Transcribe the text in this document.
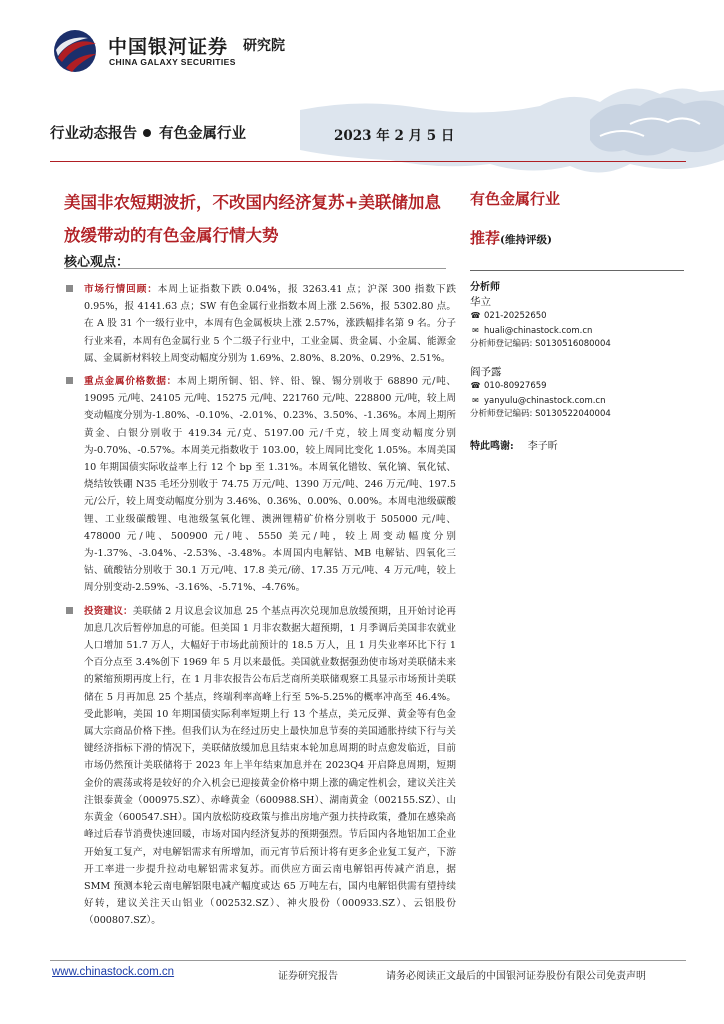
中国银河证券
CHINA GALAXY SECURITIES
研究院
行业动态报告 有色金属行业	2023 年 2 月 5 日
美国非农短期波折，不改国内经济复苏+美联储加息放缓带动的有色金属行情大势
核心观点：
有色金属行业
推荐(维持评级)
分析师
华立
☎ 021-20252650
✉ huali@chinastock.com.cn
分析师登记编码: S0130516080004
阎予露
☎ 010-80927659
✉ yanyulu@chinastock.com.cn
分析师登记编码: S0130522040004
特此鸣谢: 李子昕
市场行情回顾：本周上证指数下跌 0.04%，报 3263.41 点；沪深 300 指数下跌 0.95%，报 4141.63 点；SW 有色金属行业指数本周上涨 2.56%，报 5302.80 点。在 A 股 31 个一级行业中，本周有色金属板块上涨 2.57%，涨跌幅排名第 9 名。分子行业来看，本周有色金属行业 5 个二级子行业中，工业金属、贵金属、小金属、能源金属、金属新材料较上周变动幅度分别为 1.69%、2.80%、8.20%、0.29%、2.51%。
重点金属价格数据：本周上期所铜、铝、锌、铅、镍、锡分别收于 68890 元/吨、19095 元/吨、24105 元/吨、15275 元/吨、221760 元/吨、228800 元/吨，较上周变动幅度分别为-1.80%、-0.10%、-2.01%、0.23%、3.50%、-1.36%。本周上期所黄金、白银分别收于 419.34 元/克、5197.00 元/千克，较上周变动幅度分别为-0.70%、-0.57%。本周美元指数收于 103.00，较上周同比变化 1.05%。本周美国 10 年期国债实际收益率上行 12 个 bp 至 1.31%。本周氧化镨钕、氧化镝、氧化铽、烧结钕铁硼 N35 毛坯分别收于 74.75 万元/吨、1390 万元/吨、246 万元/吨、197.5 元/公斤，较上周变动幅度分别为 3.46%、0.36%、0.00%、0.00%。本周电池级碳酸锂、工业级碳酸锂、电池级氢氧化锂、澳洲锂精矿价格分别收于 505000 元/吨、478000 元/吨、500900 元/吨、5550 美元/吨，较上周变动幅度分别为-1.37%、-3.04%、-2.53%、-3.48%。本周国内电解钴、MB 电解钴、四氧化三钴、硫酸钴分别收于 30.1 万元/吨、17.8 美元/磅、17.35 万元/吨、4 万元/吨，较上周分别变动-2.59%、-3.16%、-5.71%、-4.76%。
投资建议：美联储 2 月议息会议加息 25 个基点再次兑现加息放缓预期，且开始讨论再加息几次后暂停加息的可能。但美国 1 月非农数据大超预期，1 月季调后美国非农就业人口增加 51.7 万人，大幅好于市场此前预计的 18.5 万人，且 1 月失业率环比下行 1 个百分点至 3.4%创下 1969 年 5 月以来最低。美国就业数据强劲使市场对美联储未来的紧缩预期再度上行，在 1 月非农报告公布后芝商所美联储观察工具显示市场预计美联储在 5 月再加息 25 个基点，终端利率高峰上行至 5%-5.25%的概率冲高至 46.4%。受此影响，美国 10 年期国债实际利率短期上行 13 个基点，美元反弹、黄金等有色金属大宗商品价格下挫。但我们认为在经过历史上最快加息节奏的美国通胀持续下行与关键经济指标下滑的情况下，美联储放缓加息且结束本轮加息周期的时点愈发临近，目前市场仍然预计美联储将于 2023 年上半年结束加息并在 2023Q4 开启降息周期，短期金价的震荡或将是较好的介入机会已迎接黄金价格中期上涨的确定性机会，建议关注关注银泰黄金（000975.SZ）、赤峰黄金（600988.SH）、湖南黄金（002155.SZ）、山东黄金（600547.SH）。国内放松防疫政策与推出房地产强力扶持政策，叠加在感染高峰过后春节消费快速回暖，市场对国内经济复苏的预期强烈。节后国内各地铝加工企业开始复工复产，对电解铝需求有所增加，而元宵节后预计将有更多企业复工复产，下游开工率进一步提升拉动电解铝需求复苏。而供应方面云南电解铝再传减产消息，据 SMM 预测本轮云南电解铝限电减产幅度或达 65 万吨左右，国内电解铝供需有望持续好转，建议关注天山铝业（002532.SZ）、神火股份（000933.SZ）、云铝股份（000807.SZ）。
www.chinastock.com.cn	证券研究报告	请务必阅读正文最后的中国银河证券股份有限公司免责声明
